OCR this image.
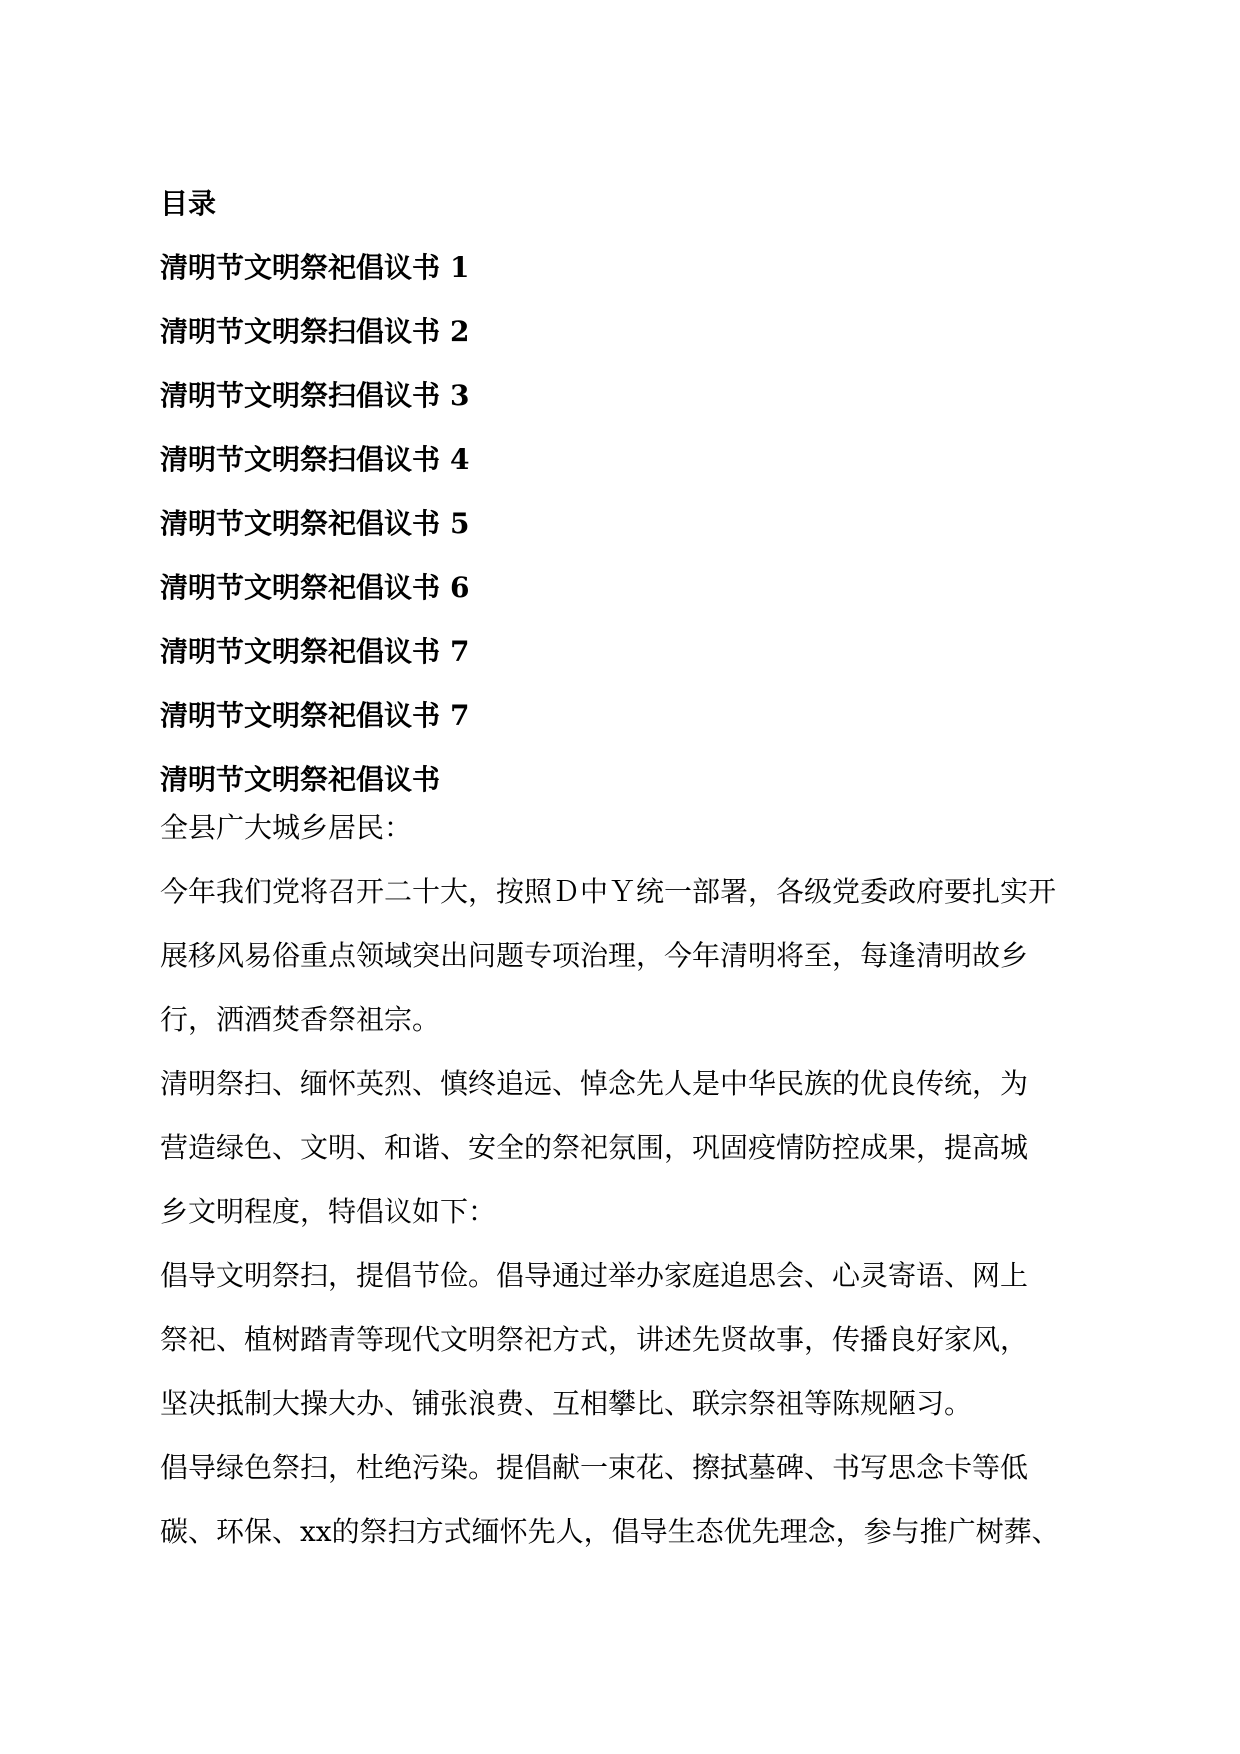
目录
清明节文明祭祀倡议书 1
清明节文明祭扫倡议书 2
清明节文明祭扫倡议书 3
清明节文明祭扫倡议书 4
清明节文明祭祀倡议书 5
清明节文明祭祀倡议书 6
清明节文明祭祀倡议书 7
清明节文明祭祀倡议书 7
清明节文明祭祀倡议书
全县广大城乡居民：

今年我们党将召开二十大，按照Ｄ中Ｙ统一部署，各级党委政府要扎实开
展移风易俗重点领域突出问题专项治理，今年清明将至，每逢清明故乡
行，洒酒焚香祭祖宗。

清明祭扫、缅怀英烈、慎终追远、悼念先人是中华民族的优良传统，为
营造绿色、文明、和谐、安全的祭祀氛围，巩固疫情防控成果，提高城
乡文明程度，特倡议如下：

倡导文明祭扫，提倡节俭。倡导通过举办家庭追思会、心灵寄语、网上
祭祀、植树踏青等现代文明祭祀方式，讲述先贤故事，传播良好家风，
坚决抵制大操大办、铺张浪费、互相攀比、联宗祭祖等陈规陋习。

倡导绿色祭扫，杜绝污染。提倡献一束花、擦拭墓碑、书写思念卡等低
碳、环保、xx的祭扫方式缅怀先人，倡导生态优先理念，参与推广树葬、
